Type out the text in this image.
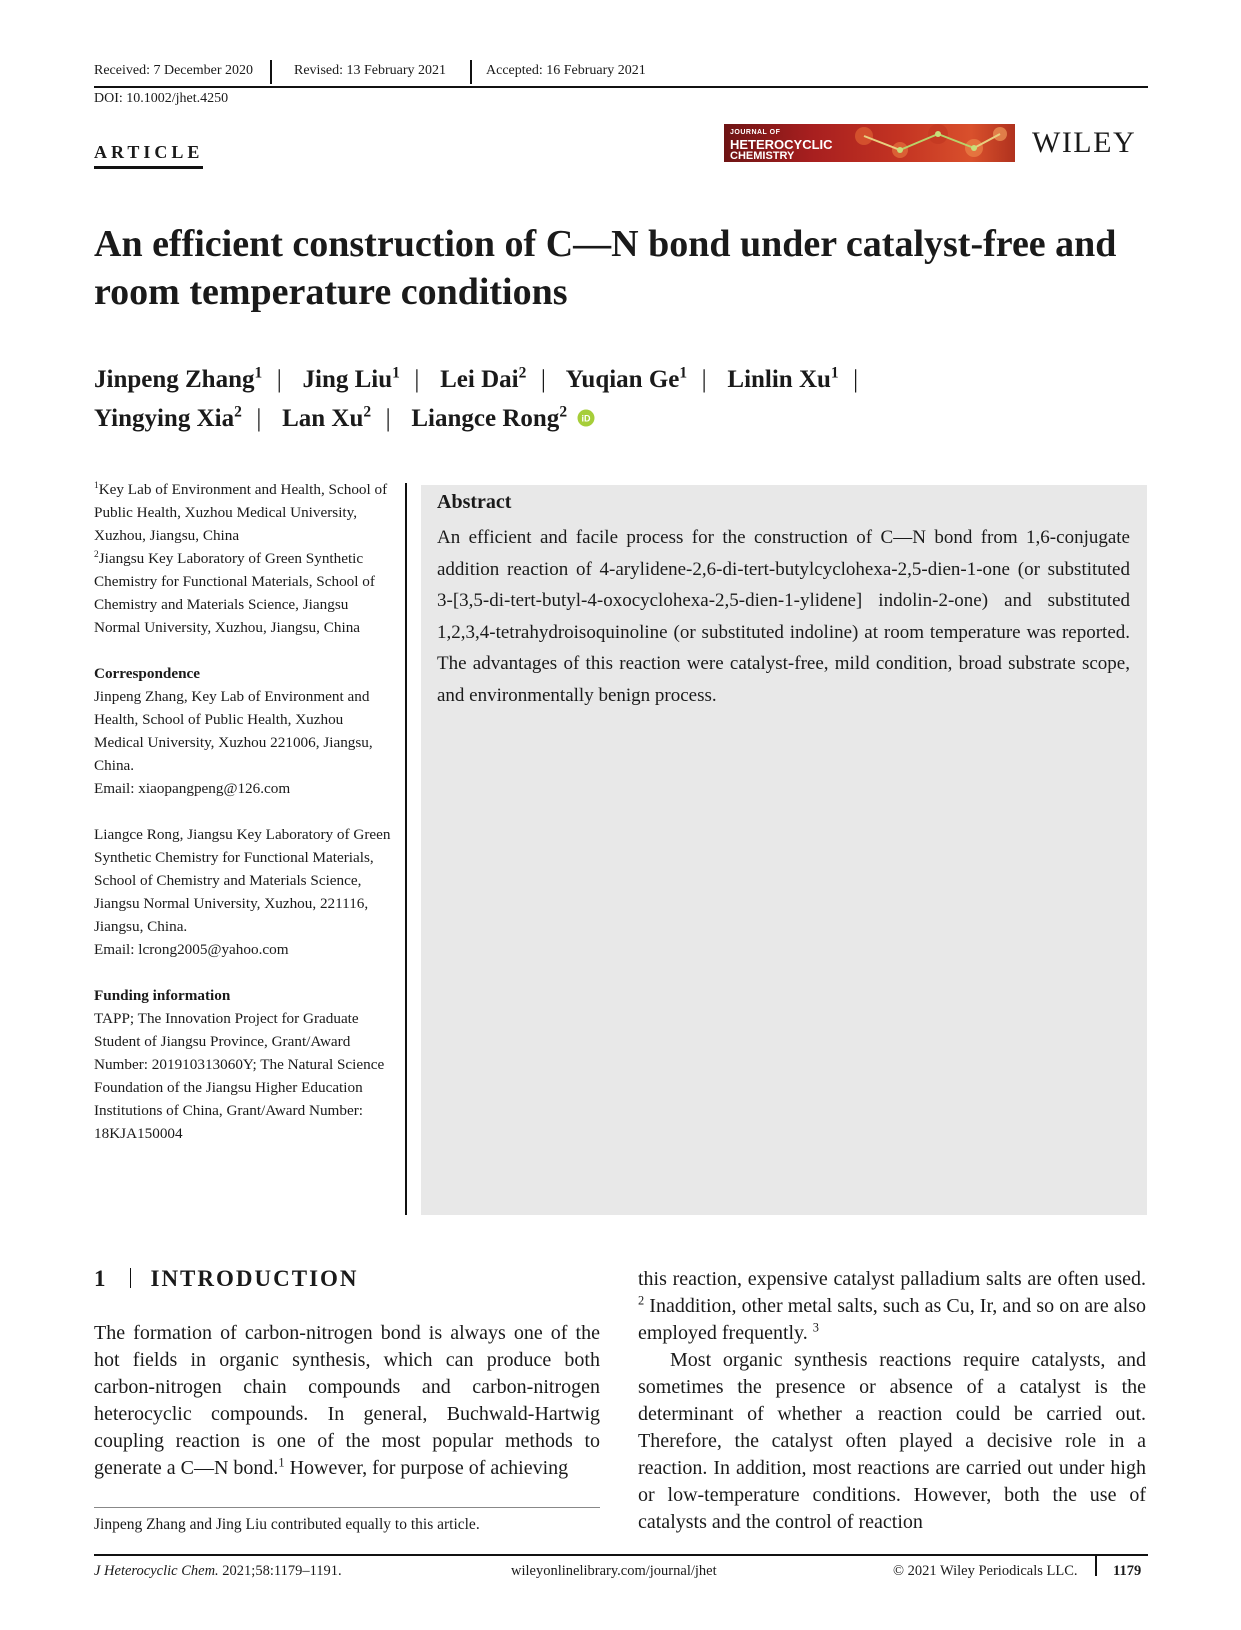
Received: 7 December 2020	Revised: 13 February 2021	Accepted: 16 February 2021
DOI: 10.1002/jhet.4250
ARTICLE
JOURNAL OF
HETEROCYCLIC
CHEMISTRY	WILEY
An efficient construction of C—N bond under catalyst-free and room temperature conditions
Jinpeng Zhang$^1$ | Jing Liu$^1$ | Lei Dai$^2$ | Yuqian Ge$^1$ | Linlin Xu$^1$ |
Yingying Xia$^2$ | Lan Xu$^2$ | Liangce Rong$^2$ iD

$^1$Key Lab of Environment and Health, School of Public Health, Xuzhou Medical University, Xuzhou, Jiangsu, China

$^2$Jiangsu Key Laboratory of Green Synthetic Chemistry for Functional Materials, School of Chemistry and Materials Science, Jiangsu Normal University, Xuzhou, Jiangsu, China

Correspondence

Jinpeng Zhang, Key Lab of Environment and Health, School of Public Health, Xuzhou Medical University, Xuzhou 221006, Jiangsu, China.

Email: xiaopangpeng@126.com

Liangce Rong, Jiangsu Key Laboratory of Green Synthetic Chemistry for Functional Materials, School of Chemistry and Materials Science, Jiangsu Normal University, Xuzhou, 221116, Jiangsu, China.

Email: lcrong2005@yahoo.com

Funding information

TAPP; The Innovation Project for Graduate Student of Jiangsu Province, Grant/Award Number: 201910313060Y; The Natural Science Foundation of the Jiangsu Higher Education Institutions of China, Grant/Award Number: 18KJA150004

Abstract

An efficient and facile process for the construction of C—N bond from 1,6-conjugate addition reaction of 4-arylidene-2,6-di-tert-butylcyclohexa-2,5-dien-1-one (or substituted 3-[3,5-di-tert-butyl-4-oxocyclohexa-2,5-dien-1-ylidene] indolin-2-one) and substituted 1,2,3,4-tetrahydroisoquinoline (or substituted indoline) at room temperature was reported. The advantages of this reaction were catalyst-free, mild condition, broad substrate scope, and environmentally benign process.

1 INTRODUCTION

The formation of carbon-nitrogen bond is always one of the hot fields in organic synthesis, which can produce both carbon-nitrogen chain compounds and carbon-nitrogen heterocyclic compounds. In general, Buchwald-Hartwig coupling reaction is one of the most popular methods to generate a C—N bond.$^1$ However, for purpose of achieving

this reaction, expensive catalyst palladium salts are often used. $^2$ Inaddition, other metal salts, such as Cu, Ir, and so on are also employed frequently. $^3$

Most organic synthesis reactions require catalysts, and sometimes the presence or absence of a catalyst is the determinant of whether a reaction could be carried out. Therefore, the catalyst often played a decisive role in a reaction. In addition, most reactions are carried out under high or low-temperature conditions. However, both the use of catalysts and the control of reaction

Jinpeng Zhang and Jing Liu contributed equally to this article.
J Heterocyclic Chem. 2021;58:1179–1191.	wileyonlinelibrary.com/journal/jhet	© 2021 Wiley Periodicals LLC. 1179
